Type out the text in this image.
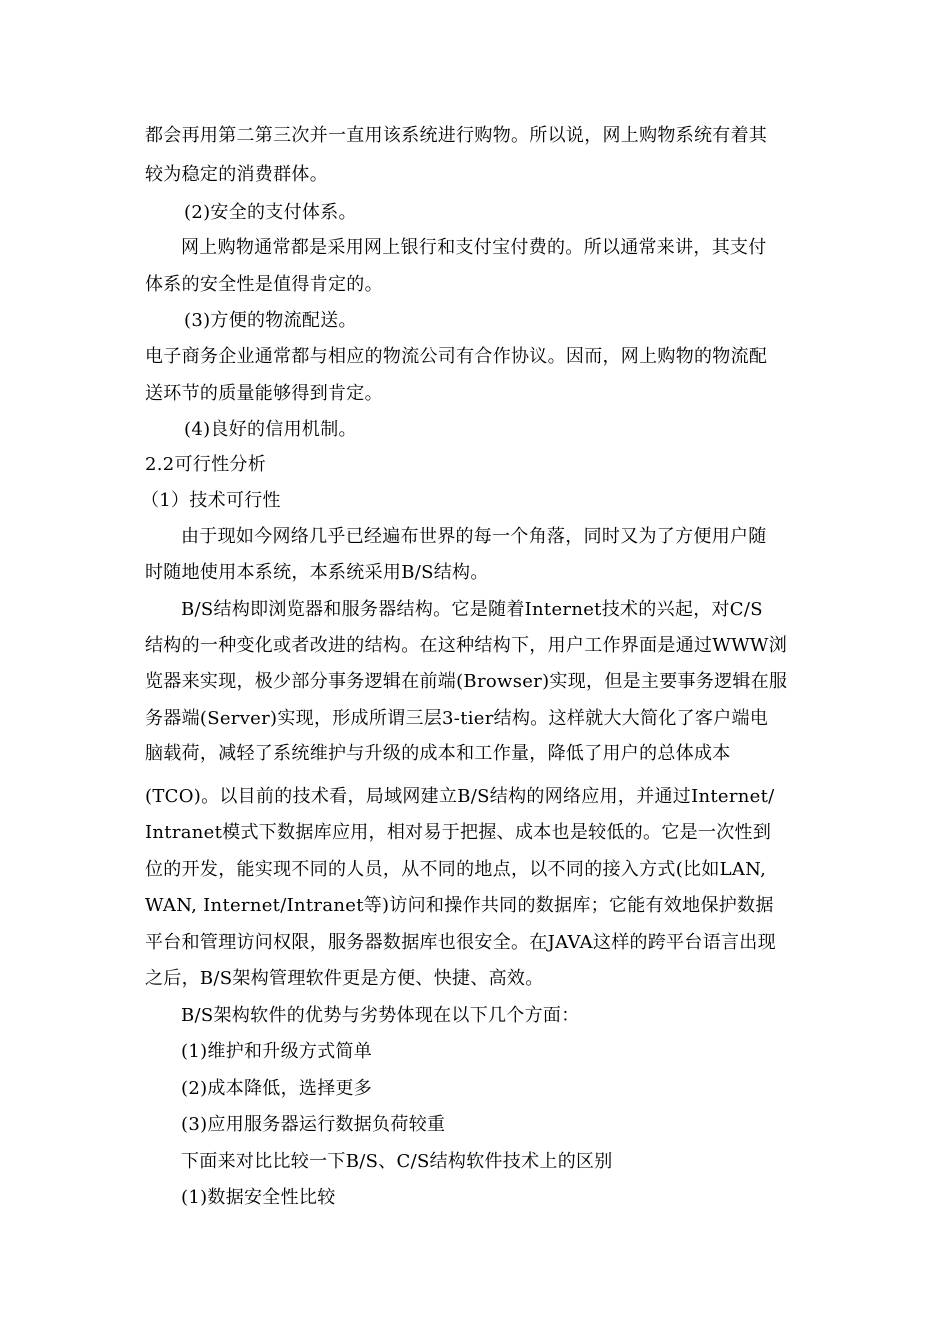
都会再用第二第三次并一直用该系统进行购物。所以说，网上购物系统有着其
较为稳定的消费群体。
(2)安全的支付体系。
网上购物通常都是采用网上银行和支付宝付费的。所以通常来讲，其支付
体系的安全性是值得肯定的。
(3)方便的物流配送。
电子商务企业通常都与相应的物流公司有合作协议。因而，网上购物的物流配
送环节的质量能够得到肯定。
(4)良好的信用机制。
2.2可行性分析
（1）技术可行性
由于现如今网络几乎已经遍布世界的每一个角落，同时又为了方便用户随
时随地使用本系统，本系统采用B/S结构。
B/S结构即浏览器和服务器结构。它是随着Internet技术的兴起，对C/S
结构的一种变化或者改进的结构。在这种结构下，用户工作界面是通过WWW浏
览器来实现，极少部分事务逻辑在前端(Browser)实现，但是主要事务逻辑在服
务器端(Server)实现，形成所谓三层3-tier结构。这样就大大简化了客户端电
脑载荷，减轻了系统维护与升级的成本和工作量，降低了用户的总体成本
(TCO)。以目前的技术看，局域网建立B/S结构的网络应用，并通过Internet/
Intranet模式下数据库应用，相对易于把握、成本也是较低的。它是一次性到
位的开发，能实现不同的人员，从不同的地点，以不同的接入方式(比如LAN,
WAN, Internet/Intranet等)访问和操作共同的数据库；它能有效地保护数据
平台和管理访问权限，服务器数据库也很安全。在JAVA这样的跨平台语言出现
之后，B/S架构管理软件更是方便、快捷、高效。
B/S架构软件的优势与劣势体现在以下几个方面：
(1)维护和升级方式简单
(2)成本降低，选择更多
(3)应用服务器运行数据负荷较重
下面来对比比较一下B/S、C/S结构软件技术上的区别
(1)数据安全性比较
